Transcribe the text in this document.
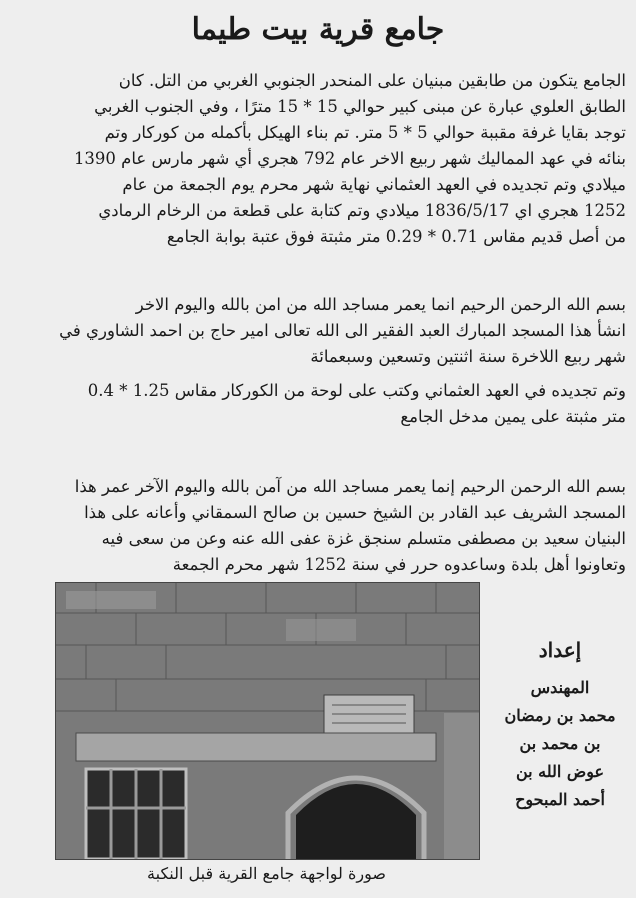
جامع قرية بيت طيما

الجامع يتكون من طابقين مبنيان على المنحدر الجنوبي الغربي من التل. كان
الطابق العلوي عبارة عن مبنى كبير حوالي 15 * 15 مترًا ، وفي الجنوب الغربي
توجد بقايا غرفة مقببة حوالي 5 * 5 متر. تم بناء الهيكل بأكمله من كوركار وتم
بنائه في عهد المماليك شهر ربيع الاخر عام 792 هجري أي شهر مارس عام 1390
ميلادي وتم تجديده في العهد العثماني نهاية شهر محرم يوم الجمعة من عام
1252 هجري اي 1836/5/17 ميلادي وتم كتابة على قطعة من الرخام الرمادي
من أصل قديم مقاس 0.71 * 0.29 متر مثبتة فوق عتبة بوابة الجامع

بسم الله الرحمن الرحيم انما يعمر مساجد الله من امن بالله واليوم الاخر
انشأ هذا المسجد المبارك العبد الفقير الى الله تعالى امير حاج بن احمد الشاوري في
شهر ربيع اللاخرة سنة اثنتين وتسعين وسبعمائة

وتم تجديده في العهد العثماني وكتب على لوحة من الكوركار مقاس 1.25 * 0.4
متر مثبتة على يمين مدخل الجامع

بسم الله الرحمن الرحيم إنما يعمر مساجد الله من آمن بالله واليوم الآخر عمر هذا
المسجد الشريف عبد القادر بن الشيخ حسين بن صالح السمقاني وأعانه على هذا
البنيان سعيد بن مصطفى متسلم سنجق غزة عفى الله عنه وعن من سعى فيه
وتعاونوا أهل بلدة وساعدوه حرر في سنة 1252 شهر محرم الجمعة

صورة لواجهة جامع القرية قبل النكبة
إعداد
المهندس
محمد بن رمضان
بن محمد بن
عوض الله بن
أحمد المبحوح
